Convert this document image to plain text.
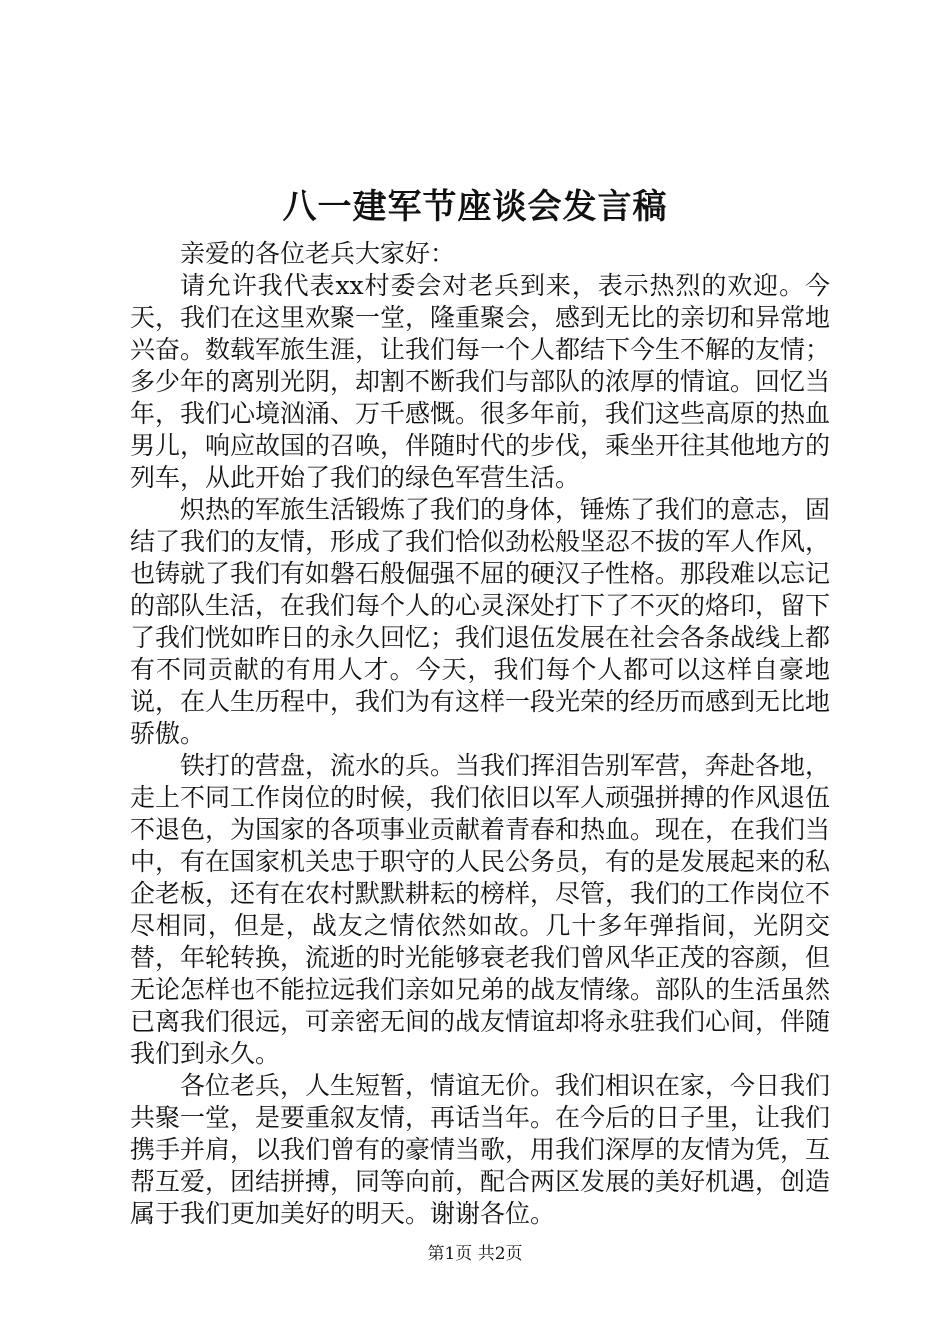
八一建军节座谈会发言稿

亲爱的各位老兵大家好：

请允许我代表xx村委会对老兵到来，表示热烈的欢迎。今天，我们在这里欢聚一堂，隆重聚会，感到无比的亲切和异常地兴奋。数载军旅生涯，让我们每一个人都结下今生不解的友情；多少年的离别光阴，却割不断我们与部队的浓厚的情谊。回忆当年，我们心境汹涌、万千感慨。很多年前，我们这些高原的热血男儿，响应故国的召唤，伴随时代的步伐，乘坐开往其他地方的列车，从此开始了我们的绿色军营生活。

炽热的军旅生活锻炼了我们的身体，锤炼了我们的意志，固结了我们的友情，形成了我们恰似劲松般坚忍不拔的军人作风，也铸就了我们有如磐石般倔强不屈的硬汉子性格。那段难以忘记的部队生活，在我们每个人的心灵深处打下了不灭的烙印，留下了我们恍如昨日的永久回忆；我们退伍发展在社会各条战线上都有不同贡献的有用人才。今天，我们每个人都可以这样自豪地说，在人生历程中，我们为有这样一段光荣的经历而感到无比地骄傲。

铁打的营盘，流水的兵。当我们挥泪告别军营，奔赴各地，走上不同工作岗位的时候，我们依旧以军人顽强拼搏的作风退伍不退色，为国家的各项事业贡献着青春和热血。现在，在我们当中，有在国家机关忠于职守的人民公务员，有的是发展起来的私企老板，还有在农村默默耕耘的榜样，尽管，我们的工作岗位不尽相同，但是，战友之情依然如故。几十多年弹指间，光阴交替，年轮转换，流逝的时光能够衰老我们曾风华正茂的容颜，但无论怎样也不能拉远我们亲如兄弟的战友情缘。部队的生活虽然已离我们很远，可亲密无间的战友情谊却将永驻我们心间，伴随我们到永久。

各位老兵，人生短暂，情谊无价。我们相识在家，今日我们共聚一堂，是要重叙友情，再话当年。在今后的日子里，让我们携手并肩，以我们曾有的豪情当歌，用我们深厚的友情为凭，互帮互爱，团结拼搏，同等向前，配合两区发展的美好机遇，创造属于我们更加美好的明天。谢谢各位。

第1页 共2页
